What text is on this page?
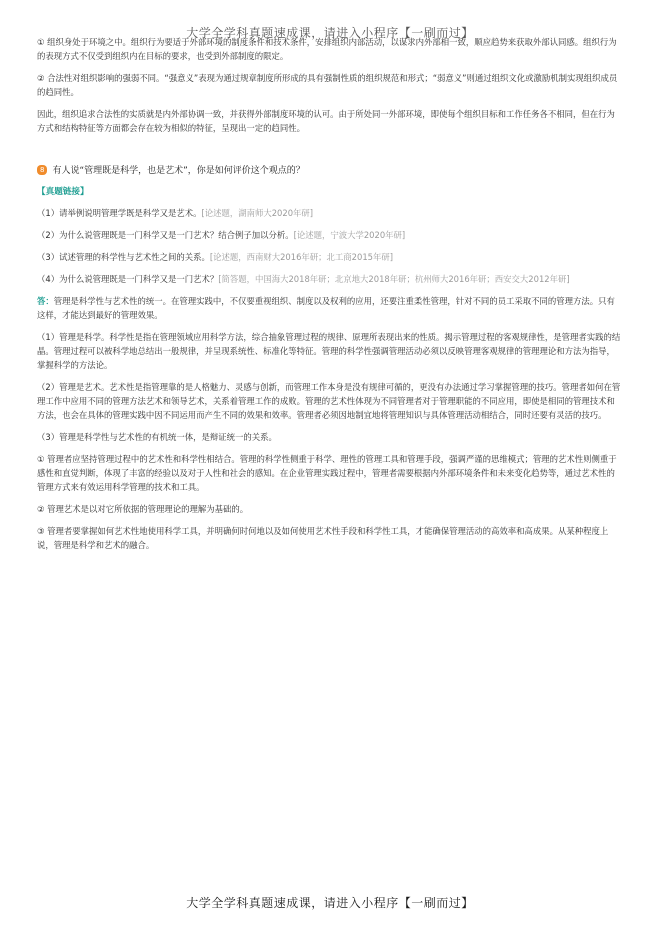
大学全学科真题速成课，请进入小程序【一刷而过】

① 组织身处于环境之中。组织行为要适于外部环境的制度条件和技术条件，安排组织内部活动，以谋求内外部相一致，顺应趋势来获取外部认同感。组织行为的表现方式不仅受到组织内在目标的要求，也受到外部制度的限定。

② 合法性对组织影响的强弱不同。“强意义”表现为通过规章制度所形成的具有强制性质的组织规范和形式；“弱意义”则通过组织文化或激励机制实现组织成员的趋同性。

因此，组织追求合法性的实质就是内外部协调一致，并获得外部制度环境的认可。由于所处同一外部环境，即使每个组织目标和工作任务各不相同，但在行为方式和结构特征等方面都会存在较为相似的特征，呈现出一定的趋同性。

8 有人说“管理既是科学，也是艺术”，你是如何评价这个观点的？
【真题链接】
（1）请举例说明管理学既是科学又是艺术。[论述题，湖南师大2020年研]
（2）为什么说管理既是一门科学又是一门艺术？结合例子加以分析。[论述题，宁波大学2020年研]
（3）试述管理的科学性与艺术性之间的关系。[论述题，西南财大2016年研；北工商2015年研]
（4）为什么说管理既是一门科学又是一门艺术？[简答题，中国海大2018年研；北京地大2018年研；杭州师大2016年研；西安交大2012年研]

答：管理是科学性与艺术性的统一。在管理实践中，不仅要重视组织、制度以及权利的应用，还要注重柔性管理，针对不同的员工采取不同的管理方法。只有这样，才能达到最好的管理效果。

（1）管理是科学。科学性是指在管理领域应用科学方法，综合抽象管理过程的规律、原理所表现出来的性质。揭示管理过程的客观规律性，是管理者实践的结晶。管理过程可以被科学地总结出一般规律，并呈现系统性、标准化等特征。管理的科学性强调管理活动必须以反映管理客观规律的管理理论和方法为指导，掌握科学的方法论。

（2）管理是艺术。艺术性是指管理靠的是人格魅力、灵感与创新，而管理工作本身是没有规律可循的，更没有办法通过学习掌握管理的技巧。管理者如何在管理工作中应用不同的管理方法艺术和领导艺术，关系着管理工作的成败。管理的艺术性体现为不同管理者对于管理职能的不同应用，即使是相同的管理技术和方法，也会在具体的管理实践中因不同运用而产生不同的效果和效率。管理者必须因地制宜地将管理知识与具体管理活动相结合，同时还要有灵活的技巧。

（3）管理是科学性与艺术性的有机统一体，是辩证统一的关系。

① 管理者应坚持管理过程中的艺术性和科学性相结合。管理的科学性侧重于科学、理性的管理工具和管理手段，强调严谨的思维模式；管理的艺术性则侧重于感性和直觉判断，体现了丰富的经验以及对于人性和社会的感知。在企业管理实践过程中，管理者需要根据内外部环境条件和未来变化趋势等，通过艺术性的管理方式来有效运用科学管理的技术和工具。

② 管理艺术是以对它所依据的管理理论的理解为基础的。

③ 管理者要掌握如何艺术性地使用科学工具，并明确何时何地以及如何使用艺术性手段和科学性工具，才能确保管理活动的高效率和高成果。从某种程度上说，管理是科学和艺术的融合。

大学全学科真题速成课，请进入小程序【一刷而过】
